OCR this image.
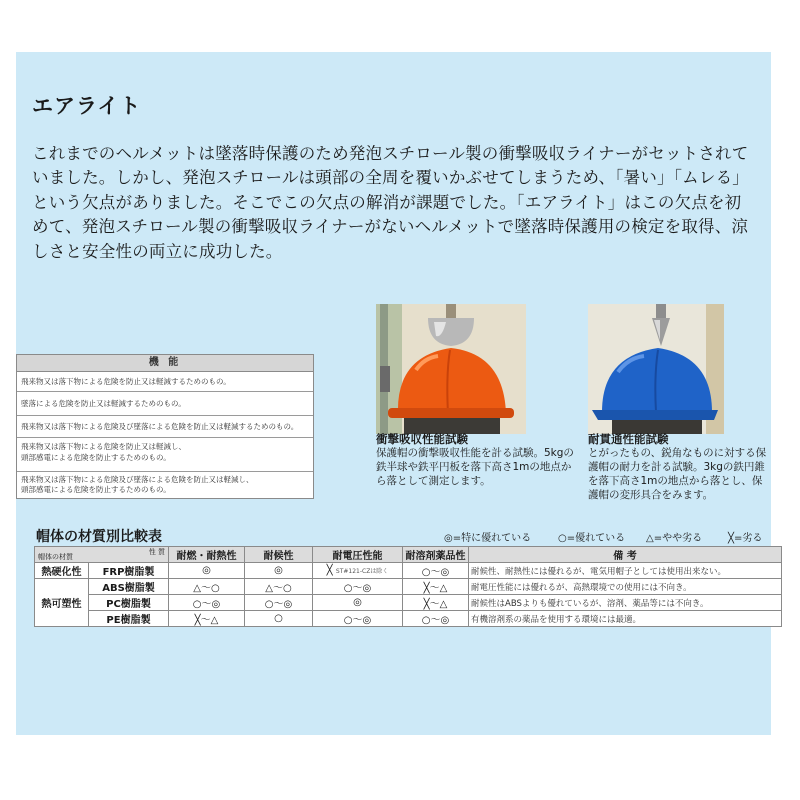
エアライト
これまでのヘルメットは墜落時保護のため発泡スチロール製の衝撃吸収ライナーがセットされていました。しかし、発泡スチロールは頭部の全周を覆いかぶせてしまうため、「暑い」「ムレる」という欠点がありました。そこでこの欠点の解消が課題でした。「エアライト」はこの欠点を初めて、発泡スチロール製の衝撃吸収ライナーがないヘルメットで墜落時保護用の検定を取得、涼しさと安全性の両立に成功した。
機 能
飛来物又は落下物による危険を防止又は軽減するためのもの。
墜落による危険を防止又は軽減するためのもの。
飛来物又は落下物による危険及び墜落による危険を防止又は軽減するためのもの。
飛来物又は落下物による危険を防止又は軽減し、
頭部感電による危険を防止するためのもの。
飛来物又は落下物による危険及び墜落による危険を防止又は軽減し、
頭部感電による危険を防止するためのもの。
衝撃吸収性能試験
保護帽の衝撃吸収性能を計る試験。5kgの鉄半球や鉄平円板を落下高さ1mの地点から落として測定します。
耐貫通性能試験
とがったもの、鋭角なものに対する保護帽の耐力を計る試験。3kgの鉄円錐を落下高さ1mの地点から落とし、保護帽の変形具合をみます。
帽体の材質別比較表	◎=特に優れている	○=優れている △=やや劣る	╳=劣る
性 質
帽体の材質		耐燃・耐熱性	耐候性	耐電圧性能	耐溶剤薬品性	備 考
熱硬化性	FRP樹脂製	◎	◎	╳ ST#121-CZは除く	○～◎	耐候性、耐熱性には優れるが、電気用帽子としては使用出来ない。
熱可塑性	ABS樹脂製	△～○	△～○	○～◎	╳～△	耐電圧性能には優れるが、高熱環境での使用には不向き。
	PC樹脂製	○～◎	○～◎	◎	╳～△	耐候性はABSよりも優れているが、溶剤、薬品等には不向き。
	PE樹脂製	╳～△	○	○～◎	○～◎	有機溶剤系の薬品を使用する環境には最適。
